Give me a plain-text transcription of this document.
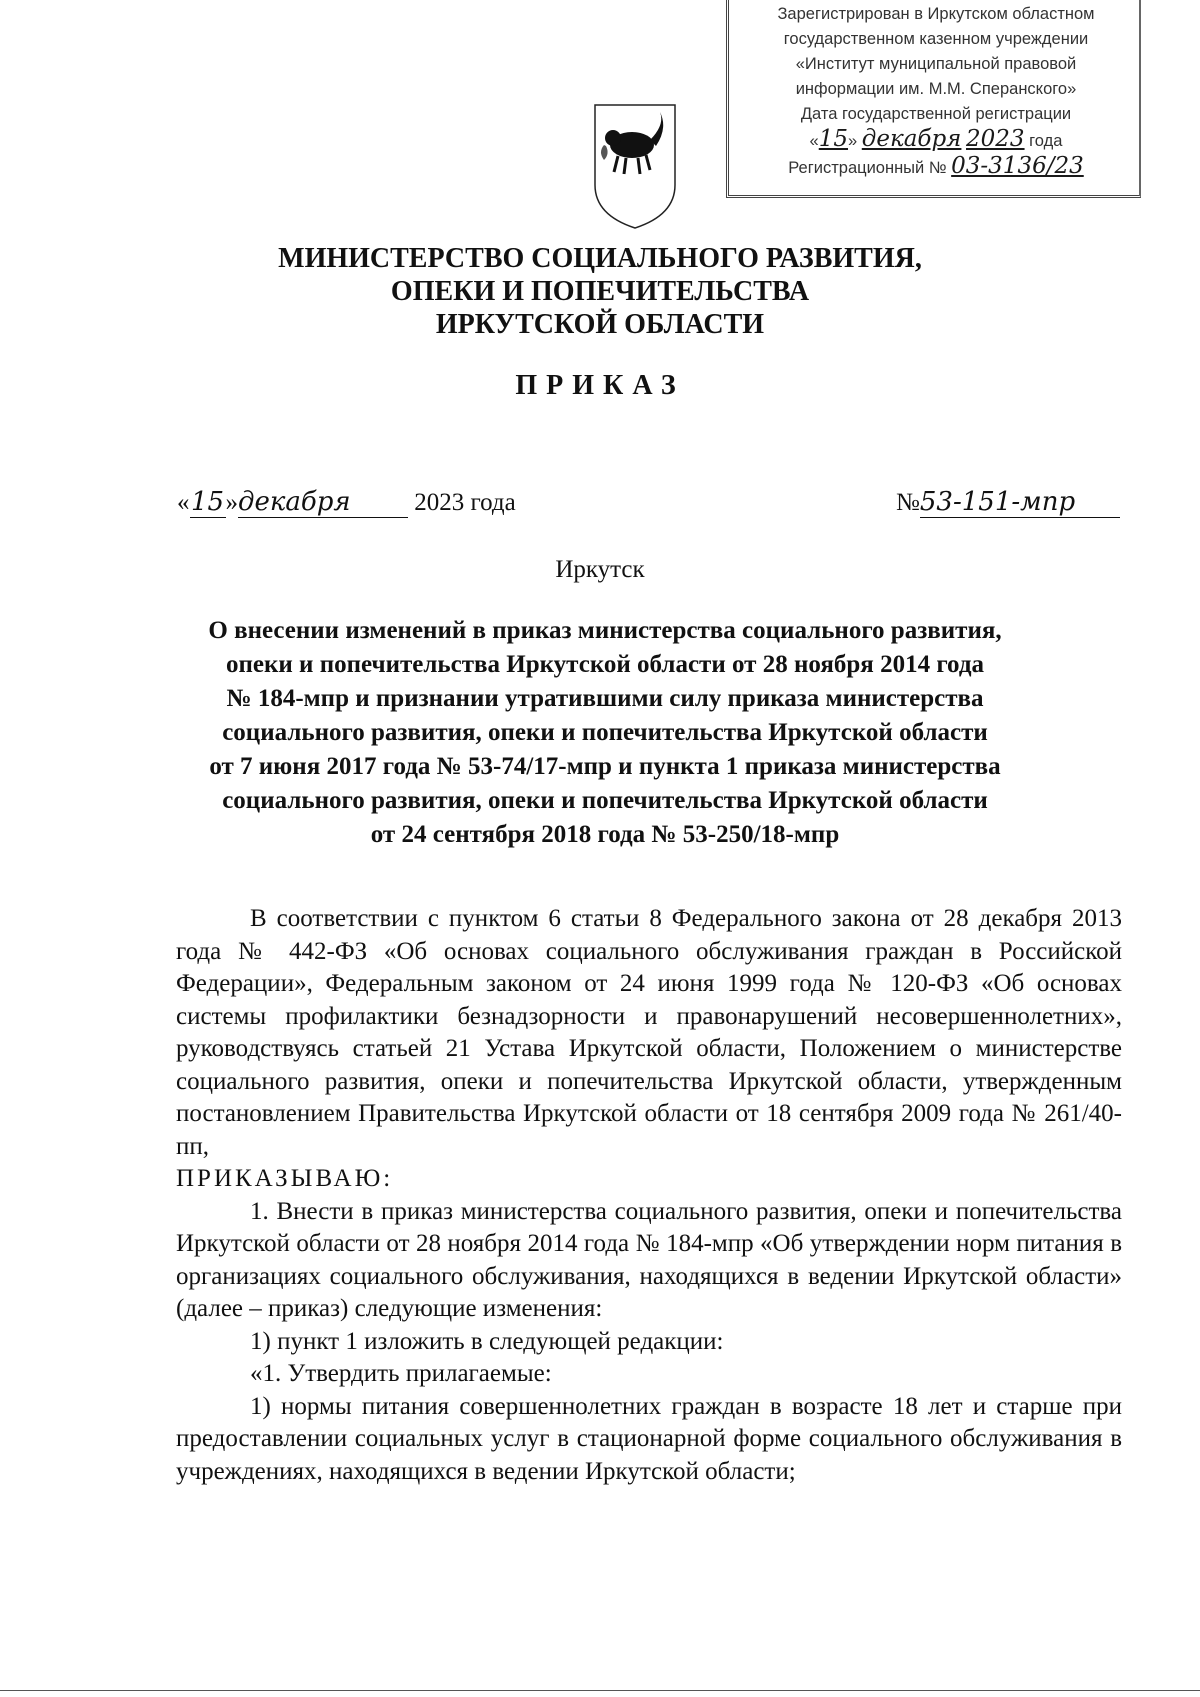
Зарегистрирован в Иркутском областном
государственном казенном учреждении
«Институт муниципальной правовой
информации им. М.М. Сперанского»
Дата государственной регистрации
«15» декабря 2023 года
Регистрационный № 03-3136/23
МИНИСТЕРСТВО СОЦИАЛЬНОГО РАЗВИТИЯ,
ОПЕКИ И ПОПЕЧИТЕЛЬСТВА
ИРКУТСКОЙ ОБЛАСТИ
ПРИКАЗ
«15»декабря	2023 года	№53-151-мпр
Иркутск
О внесении изменений в приказ министерства социального развития,
опеки и попечительства Иркутской области от 28 ноября 2014 года
№ 184-мпр и признании утратившими силу приказа министерства
социального развития, опеки и попечительства Иркутской области
от 7 июня 2017 года № 53-74/17-мпр и пункта 1 приказа министерства
социального развития, опеки и попечительства Иркутской области
от 24 сентября 2018 года № 53-250/18-мпр

В соответствии с пунктом 6 статьи 8 Федерального закона от 28 декабря 2013 года № 442-ФЗ «Об основах социального обслуживания граждан в Российской Федерации», Федеральным законом от 24 июня 1999 года № 120-ФЗ «Об основах системы профилактики безнадзорности и правонарушений несовершеннолетних», руководствуясь статьей 21 Устава Иркутской области, Положением о министерстве социального развития, опеки и попечительства Иркутской области, утвержденным постановлением Правительства Иркутской области от 18 сентября 2009 года № 261/40-пп,

ПРИКАЗЫВАЮ:

1. Внести в приказ министерства социального развития, опеки и попечительства Иркутской области от 28 ноября 2014 года № 184-мпр «Об утверждении норм питания в организациях социального обслуживания, находящихся в ведении Иркутской области» (далее – приказ) следующие изменения:

1) пункт 1 изложить в следующей редакции:

«1. Утвердить прилагаемые:

1) нормы питания совершеннолетних граждан в возрасте 18 лет и старше при предоставлении социальных услуг в стационарной форме социального обслуживания в учреждениях, находящихся в ведении Иркутской области;
